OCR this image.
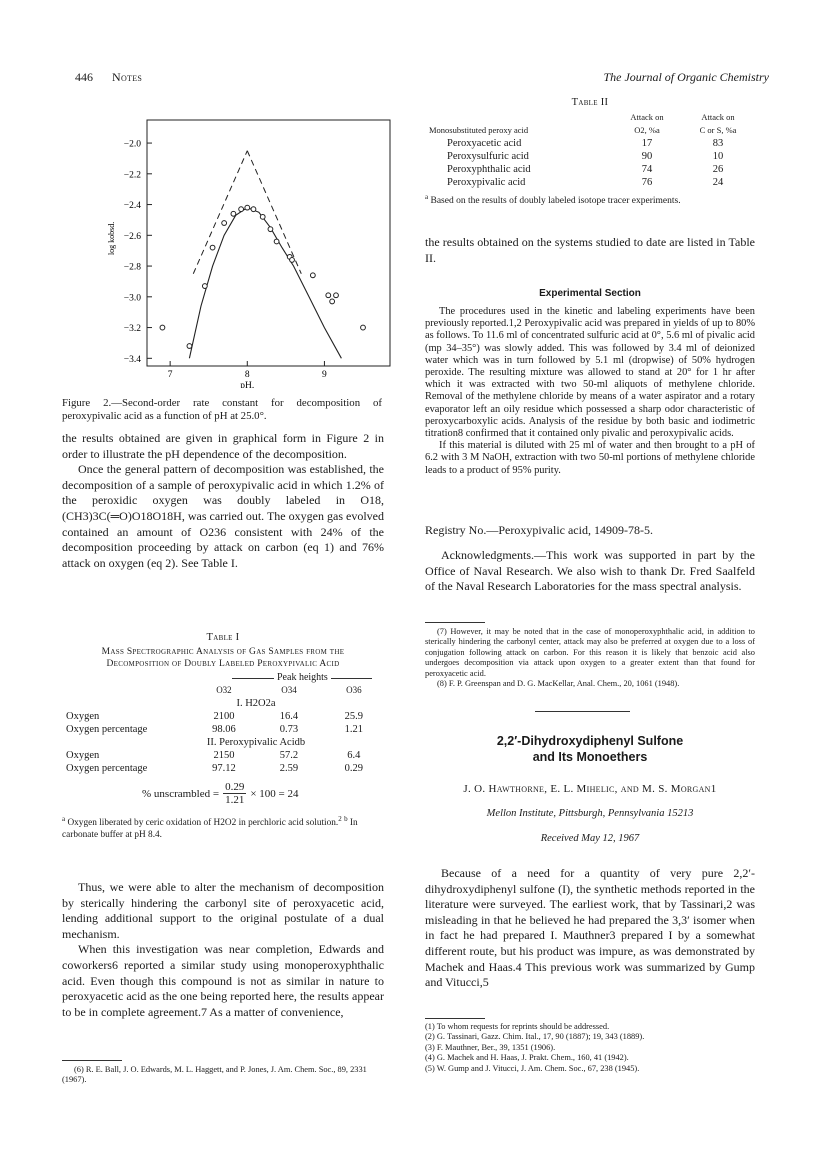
446 Notes	The Journal of Organic Chemistry
−2.0
−2.2
−2.4
−2.6
−2.8
−3.0
−3.2
−3.4
7	8	9
pH.
log kobsd.
Figure 2.—Second-order rate constant for decomposition of peroxypivalic acid as a function of pH at 25.0°.

the results obtained are given in graphical form in Figure 2 in order to illustrate the pH dependence of the decomposition.

Once the general pattern of decomposition was established, the decomposition of a sample of peroxypivalic acid in which 1.2% of the peroxidic oxygen was doubly labeled in O18, (CH3)3C(═O)O18O18H, was carried out. The oxygen gas evolved contained an amount of O236 consistent with 24% of the decomposition proceeding by attack on carbon (eq 1) and 76% attack on oxygen (eq 2). See Table I.

Table I
Mass Spectrographic Analysis of Gas Samples from the
Decomposition of Doubly Labeled Peroxypivalic Acid
Peak heights
	O32	O34	O36
I. H2O2a			
Oxygen	2100	16.4	25.9
Oxygen percentage	98.06	0.73	1.21
II. Peroxypivalic Acidb			
Oxygen	2150	57.2	6.4
Oxygen percentage	97.12	2.59	0.29
% unscrambled = $\frac{0.29}{1.21} \times 100 = 24$
$^a$ Oxygen liberated by ceric oxidation of H2O2 in perchloric acid solution.$^2$ $^b$ In carbonate buffer at pH 8.4.

Thus, we were able to alter the mechanism of decomposition by sterically hindering the carbonyl site of peroxyacetic acid, lending additional support to the original postulate of a dual mechanism.

When this investigation was near completion, Edwards and coworkers6 reported a similar study using monoperoxyphthalic acid. Even though this compound is not as similar in nature to peroxyacetic acid as the one being reported here, the results appear to be in complete agreement.7 As a matter of convenience,

(6) R. E. Ball, J. O. Edwards, M. L. Haggett, and P. Jones, J. Am. Chem. Soc., 89, 2331 (1967).
Table II
	Attack on	Attack on
Monosubstituted peroxy acid	O2, %a	C or S, %a
Peroxyacetic acid	17	83
Peroxysulfuric acid	90	10
Peroxyphthalic acid	74	26
Peroxypivalic acid	76	24
$^a$ Based on the results of doubly labeled isotope tracer experiments.
the results obtained on the systems studied to date are listed in Table II.
Experimental Section

The procedures used in the kinetic and labeling experiments have been previously reported.1,2 Peroxypivalic acid was prepared in yields of up to 80% as follows. To 11.6 ml of concentrated sulfuric acid at 0°, 5.6 ml of pivalic acid (mp 34–35°) was slowly added. This was followed by 3.4 ml of deionized water which was in turn followed by 5.1 ml (dropwise) of 50% hydrogen peroxide. The resulting mixture was allowed to stand at 20° for 1 hr after which it was extracted with two 50-ml aliquots of methylene chloride. Removal of the methylene chloride by means of a water aspirator and a rotary evaporator left an oily residue which possessed a sharp odor characteristic of peroxycarboxylic acids. Analysis of the residue by both basic and iodimetric titration8 confirmed that it contained only pivalic and peroxypivalic acids.

If this material is diluted with 25 ml of water and then brought to a pH of 6.2 with 3 M NaOH, extraction with two 50-ml portions of methylene chloride leads to a product of 95% purity.

Registry No.—Peroxypivalic acid, 14909-78-5.
Acknowledgments.—This work was supported in part by the Office of Naval Research. We also wish to thank Dr. Fred Saalfeld of the Naval Research Laboratories for the mass spectral analysis.

(7) However, it may be noted that in the case of monoperoxyphthalic acid, in addition to sterically hindering the carbonyl center, attack may also be preferred at oxygen due to a loss of conjugation following attack on carbon. For this reason it is likely that benzoic acid also undergoes decomposition via attack upon oxygen to a greater extent than that found for peroxyacetic acid.

(8) F. P. Greenspan and D. G. MacKellar, Anal. Chem., 20, 1061 (1948).

2,2′-Dihydroxydiphenyl Sulfone
and Its Monoethers
J. O. Hawthorne, E. L. Mihelic, and M. S. Morgan1
Mellon Institute, Pittsburgh, Pennsylvania 15213
Received May 12, 1967
Because of a need for a quantity of very pure 2,2′-dihydroxydiphenyl sulfone (I), the synthetic methods reported in the literature were surveyed. The earliest work, that by Tassinari,2 was misleading in that he believed he had prepared the 3,3′ isomer when in fact he had prepared I. Mauthner3 prepared I by a somewhat different route, but his product was impure, as was demonstrated by Machek and Haas.4 This previous work was summarized by Gump and Vitucci,5
(1) To whom requests for reprints should be addressed.
(2) G. Tassinari, Gazz. Chim. Ital., 17, 90 (1887); 19, 343 (1889).
(3) F. Mauthner, Ber., 39, 1351 (1906).
(4) G. Machek and H. Haas, J. Prakt. Chem., 160, 41 (1942).
(5) W. Gump and J. Vitucci, J. Am. Chem. Soc., 67, 238 (1945).
